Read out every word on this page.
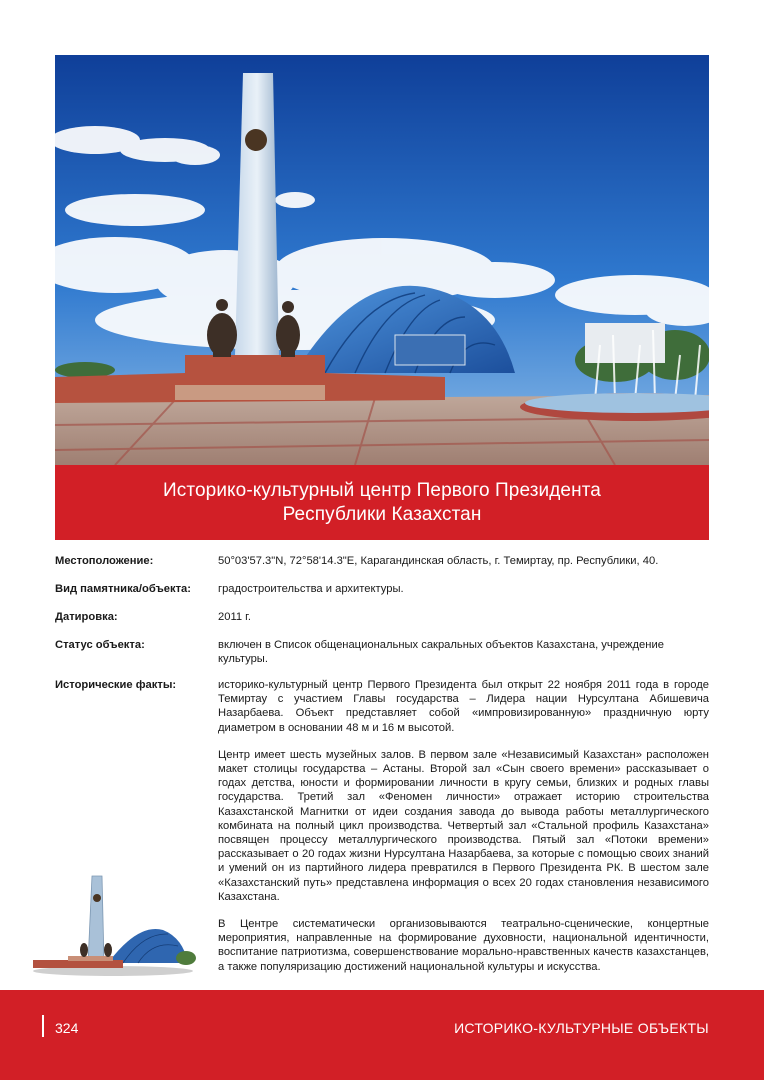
Историко-культурный центр Первого Президента
Республики Казахстан
Местоположение:	50°03'57.3"N, 72°58'14.3"E, Карагандинская область, г. Темиртау, пр. Республики, 40.
Вид памятника/объекта:	градостроительства и архитектуры.
Датировка:	2011 г.
Статус объекта:	включен в Список общенациональных сакральных объектов Казахстана, учреждение культуры.
Исторические факты:	историко-культурный центр Первого Президента был открыт 22 ноября 2011 года в городе Темиртау с участием Главы государства – Лидера нации Нурсултана Абишевича Назарбаева. Объект представляет собой «импровизированную» праздничную юрту диаметром в основании 48 м и 16 м высотой.

Центр имеет шесть музейных залов. В первом зале «Независимый Казахстан» расположен макет столицы государства – Астаны. Второй зал «Сын своего времени» рассказывает о годах детства, юности и формировании личности в кругу семьи, близких и родных главы государства. Третий зал «Феномен личности» отражает историю строительства Казахстанской Магнитки от идеи создания завода до вывода работы металлургического комбината на полный цикл производства. Четвертый зал «Стальной профиль Казахстана» посвящен процессу металлургического производства. Пятый зал «Потоки времени» рассказывает о 20 годах жизни Нурсултана Назарбаева, за которые с помощью своих знаний и умений он из партийного лидера превратился в Первого Президента РК. В шестом зале «Казахстанский путь» представлена информация о всех 20 годах становления независимого Казахстана.

В Центре систематически организовываются театрально-сценические, концертные мероприятия, направленные на формирование духовности, национальной идентичности, воспитание патриотизма, совершенствование морально-нравственных качеств казахстанцев, а также популяризацию достижений национальной культуры и искусства.

324	ИСТОРИКО-КУЛЬТУРНЫЕ ОБЪЕКТЫ
